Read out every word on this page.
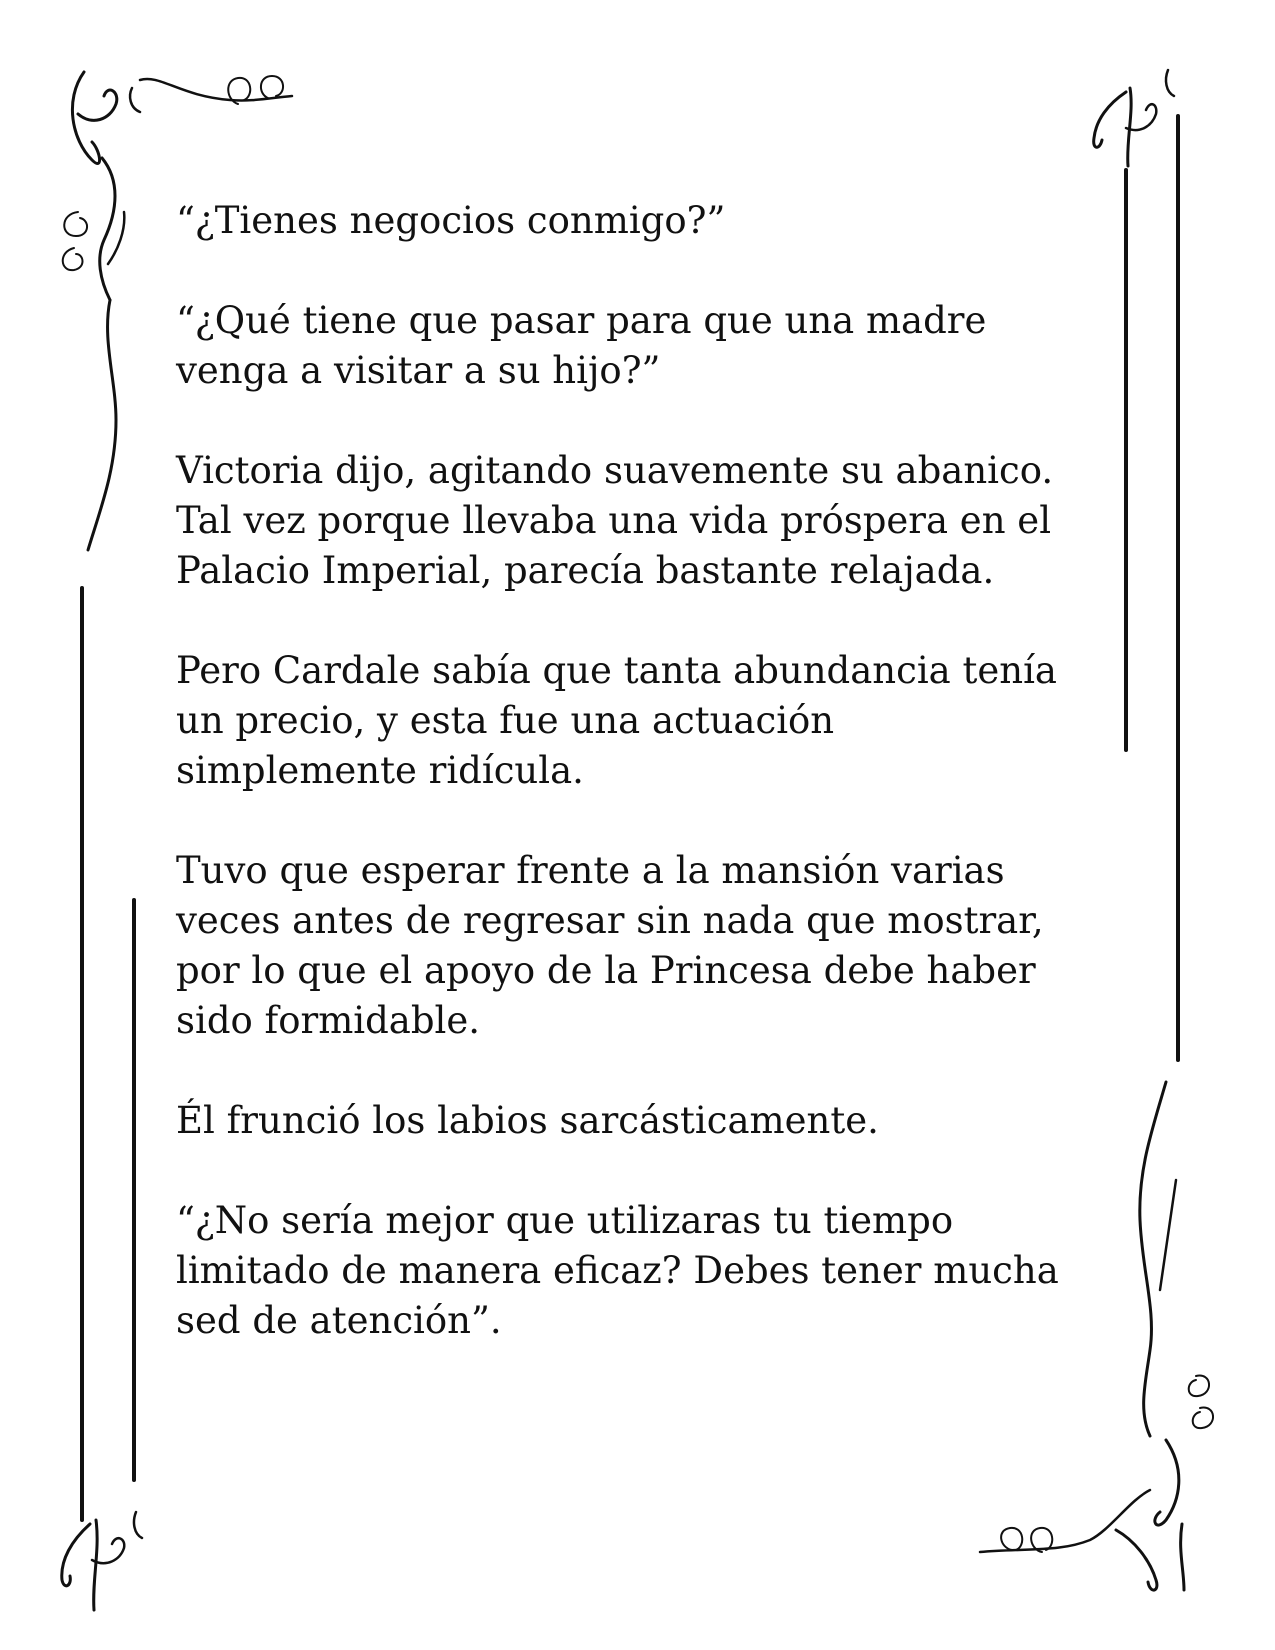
“¿Tienes negocios conmigo?”

“¿Qué tiene que pasar para que una madre
venga a visitar a su hijo?”

Victoria dijo, agitando suavemente su abanico.
Tal vez porque llevaba una vida próspera en el
Palacio Imperial, parecía bastante relajada.

Pero Cardale sabía que tanta abundancia tenía
un precio, y esta fue una actuación
simplemente ridícula.

Tuvo que esperar frente a la mansión varias
veces antes de regresar sin nada que mostrar,
por lo que el apoyo de la Princesa debe haber
sido formidable.

Él frunció los labios sarcásticamente.

“¿No sería mejor que utilizaras tu tiempo
limitado de manera eficaz? Debes tener mucha
sed de atención”.
